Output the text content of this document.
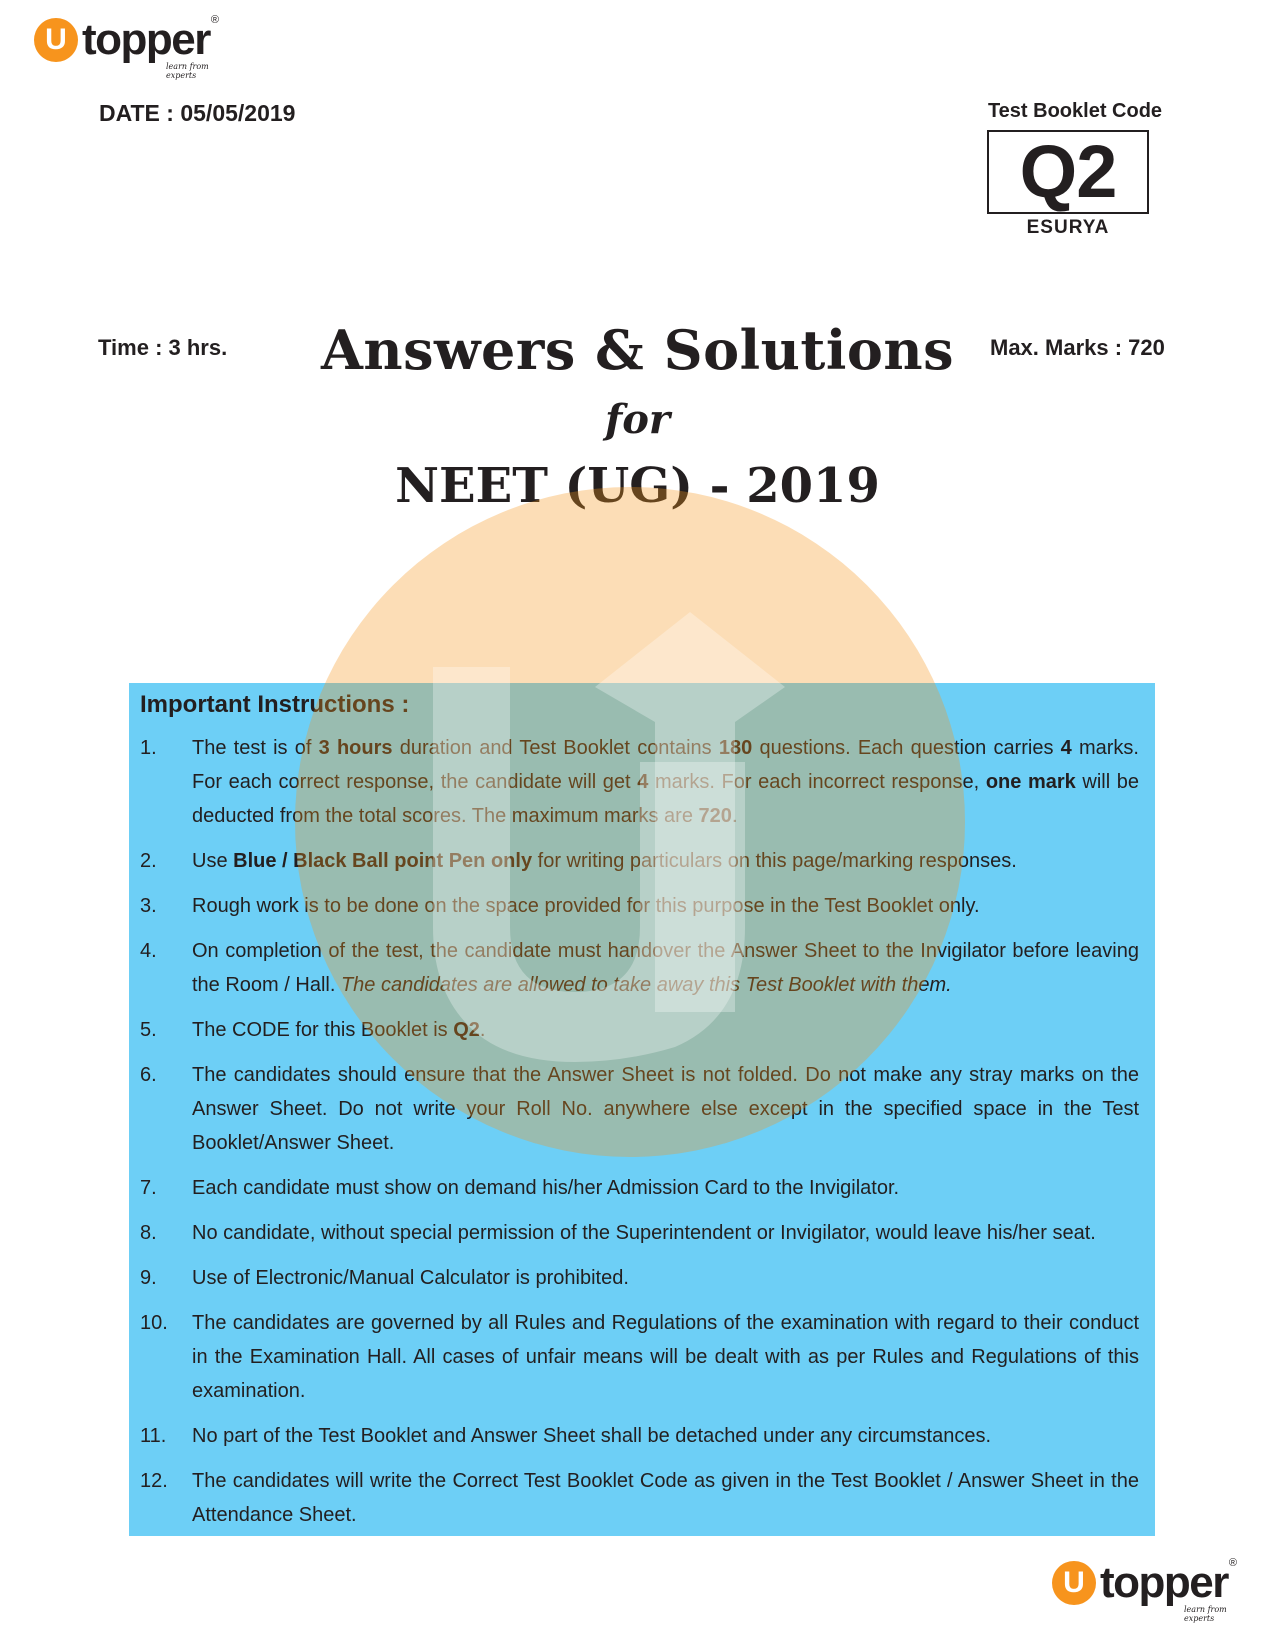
U topper ®
learn from experts
DATE : 05/05/2019	Test Booklet Code
Q2
ESURYA
Time : 3 hrs.	Max. Marks : 720
Answers & Solutions
for
NEET (UG) - 2019
Important Instructions :
1.	The test is of 3 hours duration and Test Booklet contains 180 questions. Each question carries 4 marks. For each correct response, the candidate will get 4 marks. For each incorrect response, one mark will be deducted from the total scores. The maximum marks are 720.
2.	Use Blue / Black Ball point Pen only for writing particulars on this page/marking responses.
3.	Rough work is to be done on the space provided for this purpose in the Test Booklet only.
4.	On completion of the test, the candidate must handover the Answer Sheet to the Invigilator before leaving the Room / Hall. The candidates are allowed to take away this Test Booklet with them.
5.	The CODE for this Booklet is Q2.
6.	The candidates should ensure that the Answer Sheet is not folded. Do not make any stray marks on the Answer Sheet. Do not write your Roll No. anywhere else except in the specified space in the Test Booklet/Answer Sheet.
7.	Each candidate must show on demand his/her Admission Card to the Invigilator.
8.	No candidate, without special permission of the Superintendent or Invigilator, would leave his/her seat.
9.	Use of Electronic/Manual Calculator is prohibited.
10.	The candidates are governed by all Rules and Regulations of the examination with regard to their conduct in the Examination Hall. All cases of unfair means will be dealt with as per Rules and Regulations of this examination.
11.	No part of the Test Booklet and Answer Sheet shall be detached under any circumstances.
12.	The candidates will write the Correct Test Booklet Code as given in the Test Booklet / Answer Sheet in the Attendance Sheet.
U topper ®
learn from experts
